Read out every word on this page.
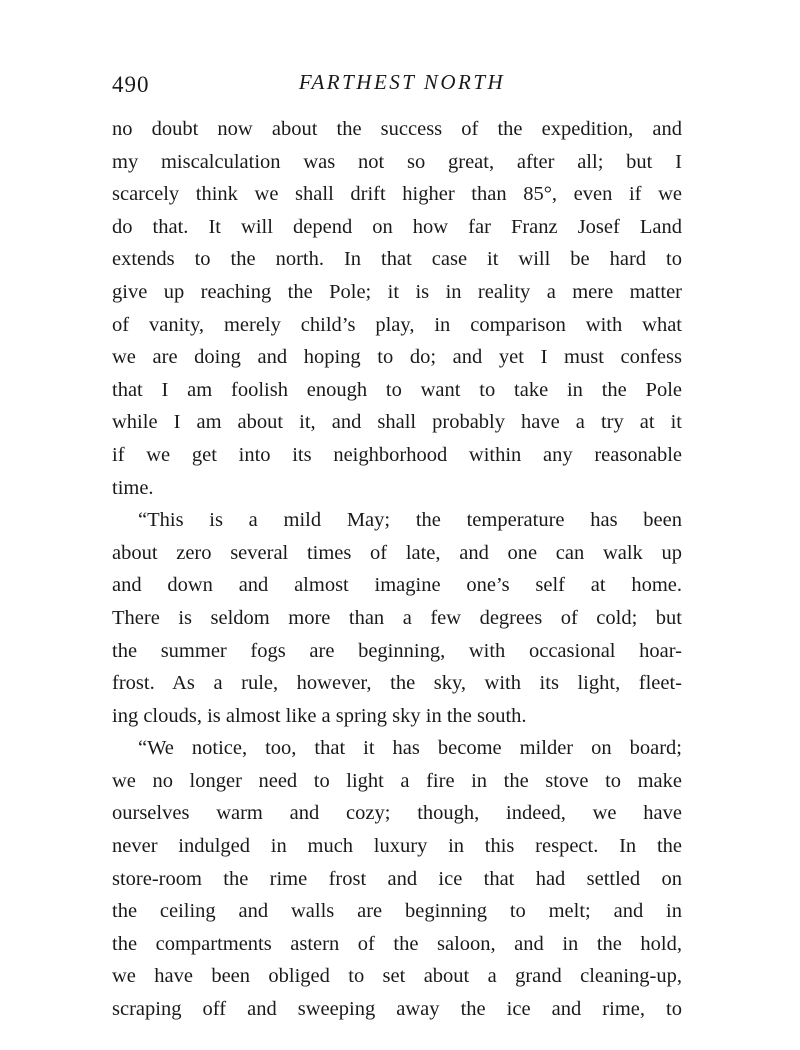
490	FARTHEST NORTH
no doubt now about the success of the expedition, and
my miscalculation was not so great, after all; but I
scarcely think we shall drift higher than 85°, even if we
do that. It will depend on how far Franz Josef Land
extends to the north. In that case it will be hard to
give up reaching the Pole; it is in reality a mere matter
of vanity, merely child’s play, in comparison with what
we are doing and hoping to do; and yet I must confess
that I am foolish enough to want to take in the Pole
while I am about it, and shall probably have a try at it
if we get into its neighborhood within any reasonable
time.
“This is a mild May; the temperature has been
about zero several times of late, and one can walk up
and down and almost imagine one’s self at home.
There is seldom more than a few degrees of cold; but
the summer fogs are beginning, with occasional hoar-
frost. As a rule, however, the sky, with its light, fleet-
ing clouds, is almost like a spring sky in the south.
“We notice, too, that it has become milder on board;
we no longer need to light a fire in the stove to make
ourselves warm and cozy; though, indeed, we have
never indulged in much luxury in this respect. In the
store-room the rime frost and ice that had settled on
the ceiling and walls are beginning to melt; and in
the compartments astern of the saloon, and in the hold,
we have been obliged to set about a grand cleaning-up,
scraping off and sweeping away the ice and rime, to
